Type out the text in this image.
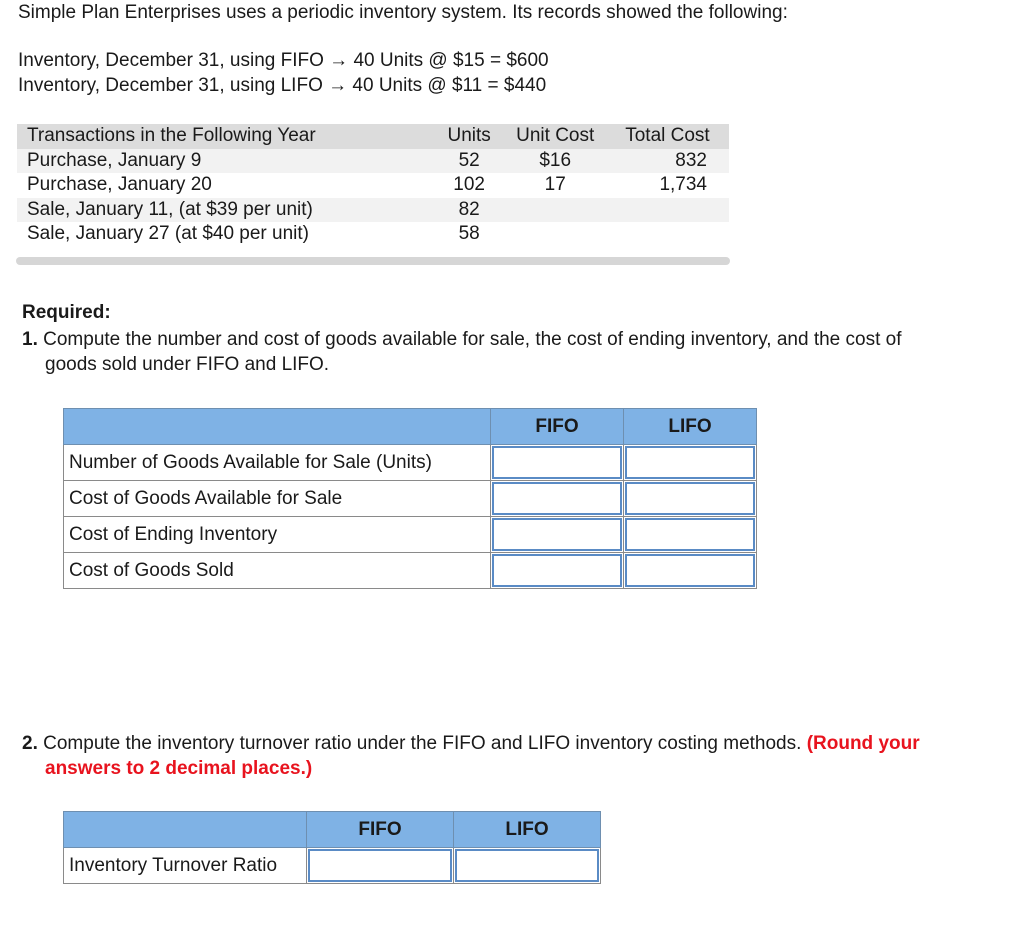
Simple Plan Enterprises uses a periodic inventory system. Its records showed the following:
Inventory, December 31, using FIFO → 40 Units @ $15 = $600
Inventory, December 31, using LIFO → 40 Units @ $11 = $440
Transactions in the Following Year	Units	Unit Cost	Total Cost
Purchase, January 9	52	$16	832
Purchase, January 20	102	17	1,734
Sale, January 11, (at $39 per unit)	82		
Sale, January 27 (at $40 per unit)	58		
Required:
1. Compute the number and cost of goods available for sale, the cost of ending inventory, and the cost of
goods sold under FIFO and LIFO.
	FIFO	LIFO
Number of Goods Available for Sale (Units)	

Cost of Goods Available for Sale	

Cost of Ending Inventory	

Cost of Goods Sold	

2. Compute the inventory turnover ratio under the FIFO and LIFO inventory costing methods. (Round your
answers to 2 decimal places.)
	FIFO	LIFO
Inventory Turnover Ratio	
